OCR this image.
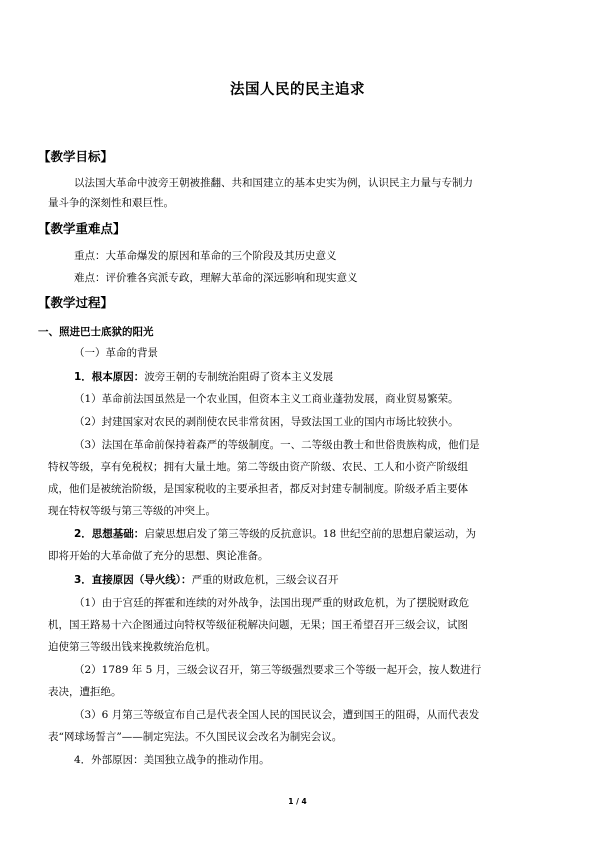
法国人民的民主追求
【教学目标】
以法国大革命中波旁王朝被推翻、共和国建立的基本史实为例，认识民主力量与专制力
量斗争的深刻性和艰巨性。
【教学重难点】
重点：大革命爆发的原因和革命的三个阶段及其历史意义
难点：评价雅各宾派专政，理解大革命的深远影响和现实意义
【教学过程】
一、照进巴士底狱的阳光
（一）革命的背景
1．根本原因：波旁王朝的专制统治阻碍了资本主义发展
（1）革命前法国虽然是一个农业国，但资本主义工商业蓬勃发展，商业贸易繁荣。
（2）封建国家对农民的剥削使农民非常贫困，导致法国工业的国内市场比较狭小。
（3）法国在革命前保持着森严的等级制度。一、二等级由教士和世俗贵族构成，他们是
特权等级，享有免税权；拥有大量土地。第二等级由资产阶级、农民、工人和小资产阶级组
成，他们是被统治阶级，是国家税收的主要承担者，都反对封建专制制度。阶级矛盾主要体
现在特权等级与第三等级的冲突上。
2．思想基础：启蒙思想启发了第三等级的反抗意识。18 世纪空前的思想启蒙运动，为
即将开始的大革命做了充分的思想、舆论准备。
3．直接原因（导火线）：严重的财政危机，三级会议召开
（1）由于宫廷的挥霍和连续的对外战争，法国出现严重的财政危机，为了摆脱财政危
机，国王路易十六企图通过向特权等级征税解决问题，无果；国王希望召开三级会议，试图
迫使第三等级出钱来挽救统治危机。
（2）1789 年 5 月，三级会议召开，第三等级强烈要求三个等级一起开会，按人数进行
表决，遭拒绝。
（3）6 月第三等级宣布自己是代表全国人民的国民议会，遭到国王的阻碍，从而代表发
表“网球场誓言”——制定宪法。不久国民议会改名为制宪会议。
4．外部原因：美国独立战争的推动作用。
1 / 4
